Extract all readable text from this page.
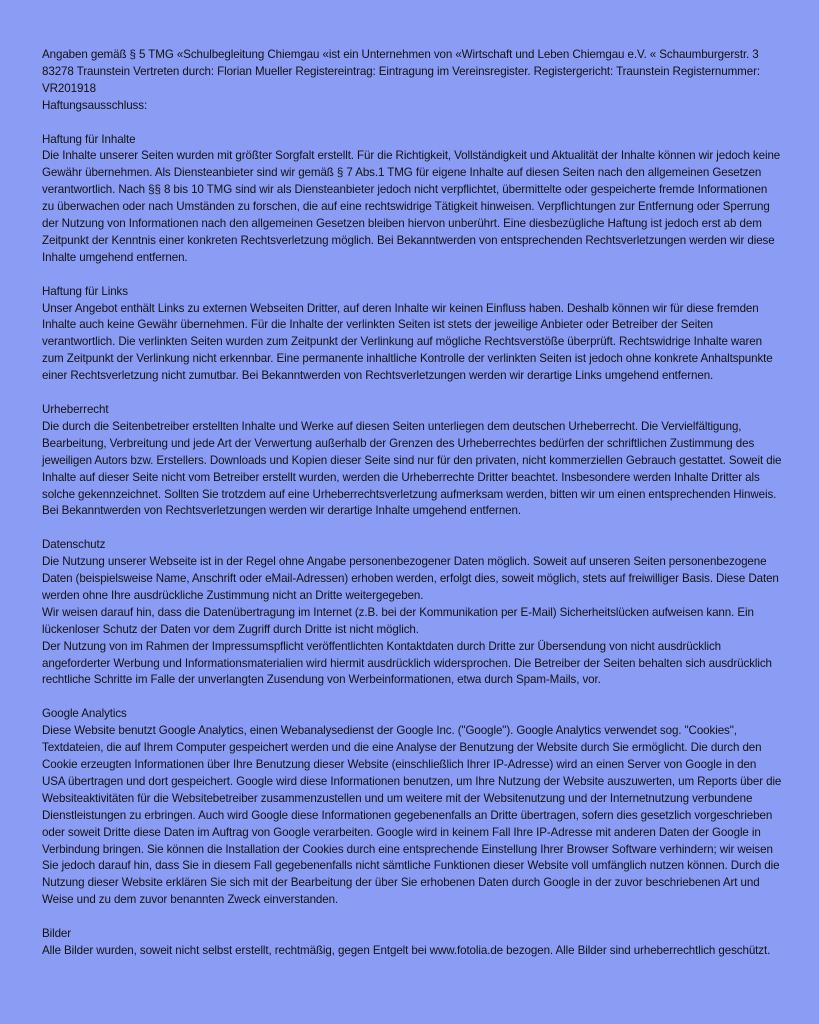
Angaben gemäß § 5 TMG «Schulbegleitung Chiemgau «ist ein Unternehmen von «Wirtschaft und Leben Chiemgau e.V. « Schaumburgerstr. 3 83278 Traunstein Vertreten durch: Florian Mueller Registereintrag: Eintragung im Vereinsregister. Registergericht: Traunstein Registernummer: VR201918

Haftungsausschluss:

Haftung für Inhalte

Die Inhalte unserer Seiten wurden mit größter Sorgfalt erstellt. Für die Richtigkeit, Vollständigkeit und Aktualität der Inhalte können wir jedoch keine Gewähr übernehmen. Als Diensteanbieter sind wir gemäß § 7 Abs.1 TMG für eigene Inhalte auf diesen Seiten nach den allgemeinen Gesetzen verantwortlich. Nach §§ 8 bis 10 TMG sind wir als Diensteanbieter jedoch nicht verpflichtet, übermittelte oder gespeicherte fremde Informationen zu überwachen oder nach Umständen zu forschen, die auf eine rechtswidrige Tätigkeit hinweisen. Verpflichtungen zur Entfernung oder Sperrung der Nutzung von Informationen nach den allgemeinen Gesetzen bleiben hiervon unberührt. Eine diesbezügliche Haftung ist jedoch erst ab dem Zeitpunkt der Kenntnis einer konkreten Rechtsverletzung möglich. Bei Bekanntwerden von entsprechenden Rechtsverletzungen werden wir diese Inhalte umgehend entfernen.

Haftung für Links

Unser Angebot enthält Links zu externen Webseiten Dritter, auf deren Inhalte wir keinen Einfluss haben. Deshalb können wir für diese fremden Inhalte auch keine Gewähr übernehmen. Für die Inhalte der verlinkten Seiten ist stets der jeweilige Anbieter oder Betreiber der Seiten verantwortlich. Die verlinkten Seiten wurden zum Zeitpunkt der Verlinkung auf mögliche Rechtsverstöße überprüft. Rechtswidrige Inhalte waren zum Zeitpunkt der Verlinkung nicht erkennbar. Eine permanente inhaltliche Kontrolle der verlinkten Seiten ist jedoch ohne konkrete Anhaltspunkte einer Rechtsverletzung nicht zumutbar. Bei Bekanntwerden von Rechtsverletzungen werden wir derartige Links umgehend entfernen.

Urheberrecht

Die durch die Seitenbetreiber erstellten Inhalte und Werke auf diesen Seiten unterliegen dem deutschen Urheberrecht. Die Vervielfältigung, Bearbeitung, Verbreitung und jede Art der Verwertung außerhalb der Grenzen des Urheberrechtes bedürfen der schriftlichen Zustimmung des jeweiligen Autors bzw. Erstellers. Downloads und Kopien dieser Seite sind nur für den privaten, nicht kommerziellen Gebrauch gestattet. Soweit die Inhalte auf dieser Seite nicht vom Betreiber erstellt wurden, werden die Urheberrechte Dritter beachtet. Insbesondere werden Inhalte Dritter als solche gekennzeichnet. Sollten Sie trotzdem auf eine Urheberrechtsverletzung aufmerksam werden, bitten wir um einen entsprechenden Hinweis. Bei Bekanntwerden von Rechtsverletzungen werden wir derartige Inhalte umgehend entfernen.

Datenschutz

Die Nutzung unserer Webseite ist in der Regel ohne Angabe personenbezogener Daten möglich. Soweit auf unseren Seiten personenbezogene Daten (beispielsweise Name, Anschrift oder eMail-Adressen) erhoben werden, erfolgt dies, soweit möglich, stets auf freiwilliger Basis. Diese Daten werden ohne Ihre ausdrückliche Zustimmung nicht an Dritte weitergegeben.

Wir weisen darauf hin, dass die Datenübertragung im Internet (z.B. bei der Kommunikation per E-Mail) Sicherheitslücken aufweisen kann. Ein lückenloser Schutz der Daten vor dem Zugriff durch Dritte ist nicht möglich.

Der Nutzung von im Rahmen der Impressumspflicht veröffentlichten Kontaktdaten durch Dritte zur Übersendung von nicht ausdrücklich angeforderter Werbung und Informationsmaterialien wird hiermit ausdrücklich widersprochen. Die Betreiber der Seiten behalten sich ausdrücklich rechtliche Schritte im Falle der unverlangten Zusendung von Werbeinformationen, etwa durch Spam-Mails, vor.

Google Analytics

Diese Website benutzt Google Analytics, einen Webanalysedienst der Google Inc. ("Google"). Google Analytics verwendet sog. "Cookies", Textdateien, die auf Ihrem Computer gespeichert werden und die eine Analyse der Benutzung der Website durch Sie ermöglicht. Die durch den Cookie erzeugten Informationen über Ihre Benutzung dieser Website (einschließlich Ihrer IP-Adresse) wird an einen Server von Google in den USA übertragen und dort gespeichert. Google wird diese Informationen benutzen, um Ihre Nutzung der Website auszuwerten, um Reports über die Websiteaktivitäten für die Websitebetreiber zusammenzustellen und um weitere mit der Websitenutzung und der Internetnutzung verbundene Dienstleistungen zu erbringen. Auch wird Google diese Informationen gegebenenfalls an Dritte übertragen, sofern dies gesetzlich vorgeschrieben oder soweit Dritte diese Daten im Auftrag von Google verarbeiten. Google wird in keinem Fall Ihre IP-Adresse mit anderen Daten der Google in Verbindung bringen. Sie können die Installation der Cookies durch eine entsprechende Einstellung Ihrer Browser Software verhindern; wir weisen Sie jedoch darauf hin, dass Sie in diesem Fall gegebenenfalls nicht sämtliche Funktionen dieser Website voll umfänglich nutzen können. Durch die Nutzung dieser Website erklären Sie sich mit der Bearbeitung der über Sie erhobenen Daten durch Google in der zuvor beschriebenen Art und Weise und zu dem zuvor benannten Zweck einverstanden.

Bilder

Alle Bilder wurden, soweit nicht selbst erstellt, rechtmäßig, gegen Entgelt bei www.fotolia.de bezogen. Alle Bilder sind urheberrechtlich geschützt.
